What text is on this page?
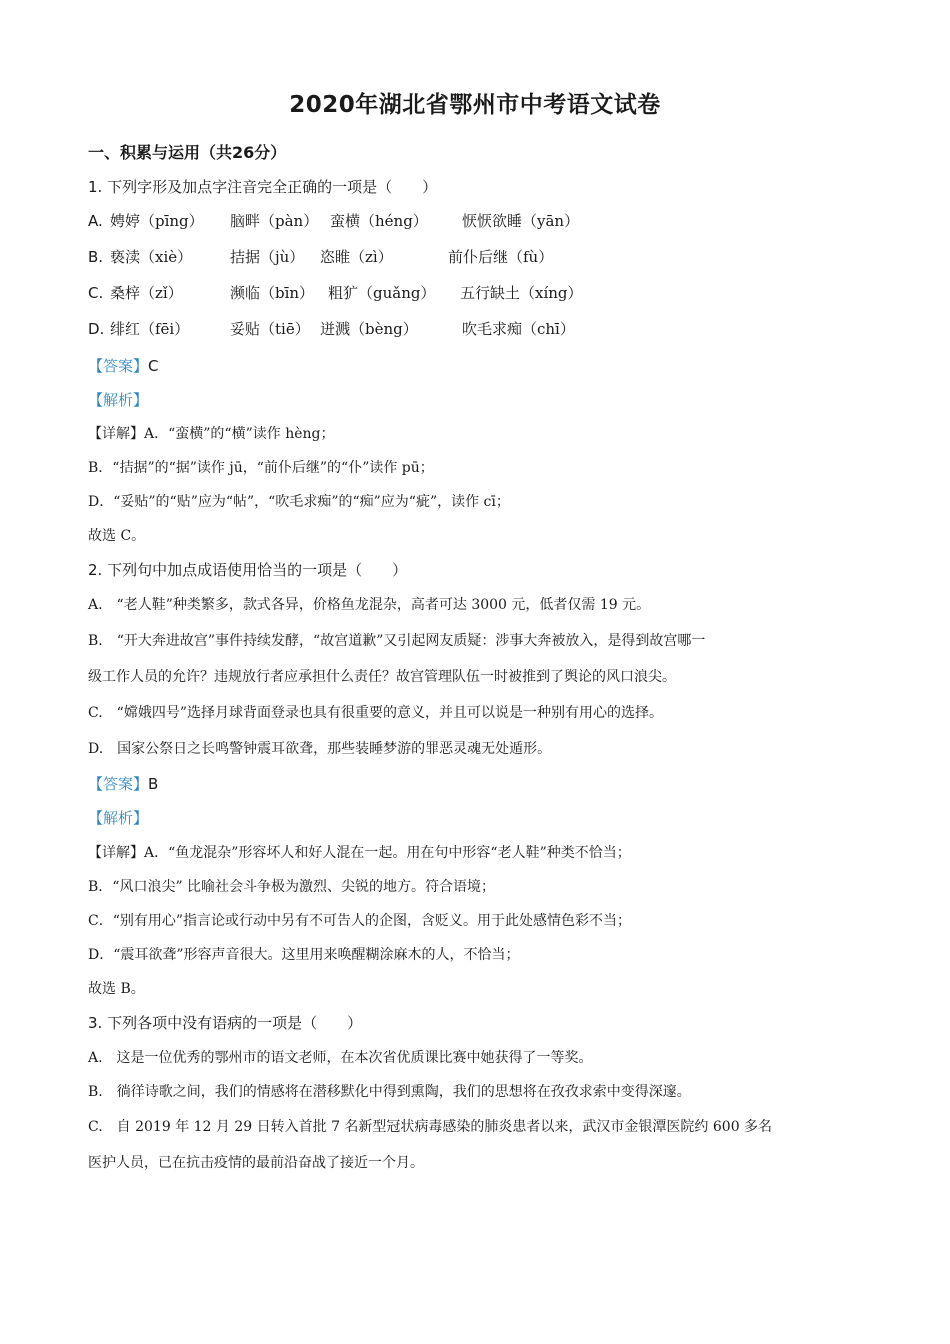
2020年湖北省鄂州市中考语文试卷
一、积累与运用（共26分）
1. 下列字形及加点字注音完全正确的一项是（　　）
A. 娉婷（pīng） 脑畔（pàn） 蛮横（héng） 恹恹欲睡（yān）
B. 亵渎（xiè）	拮据（jù） 恣睢（zì）	前仆后继（fù）
C. 桑梓（zǐ）	濒临（bīn） 粗犷（guǎng） 五行缺土（xíng）
D. 绯红（fēi）	妥贴（tiē） 迸溅（bèng）	吹毛求痴（chī）
【答案】C
【解析】
【详解】A．“蛮横”的“横”读作 hèng；
B．“拮据”的“据”读作 jū，“前仆后继”的“仆”读作 pū；
D．“妥贴”的“贴”应为“帖”，“吹毛求痴”的“痴”应为“疵”，读作 cī；
故选 C。
2. 下列句中加点成语使用恰当的一项是（　　）
A.　“老人鞋”种类繁多，款式各异，价格鱼龙混杂，高者可达 3000 元，低者仅需 19 元。
B.　“开大奔进故宫”事件持续发酵，“故宫道歉”又引起网友质疑：涉事大奔被放入，是得到故宫哪一
级工作人员的允许？违规放行者应承担什么责任？故宫管理队伍一时被推到了舆论的风口浪尖。
C.　“嫦娥四号”选择月球背面登录也具有很重要的意义，并且可以说是一种别有用心的选择。
D.　国家公祭日之长鸣警钟震耳欲聋，那些装睡梦游的罪恶灵魂无处遁形。
【答案】B
【解析】
【详解】A．“鱼龙混杂”形容坏人和好人混在一起。用在句中形容“老人鞋”种类不恰当；
B．“风口浪尖” 比喻社会斗争极为激烈、尖锐的地方。符合语境；
C．“别有用心”指言论或行动中另有不可告人的企图，含贬义。用于此处感情色彩不当；
D．“震耳欲聋”形容声音很大。这里用来唤醒糊涂麻木的人，不恰当；
故选 B。
3. 下列各项中没有语病的一项是（　　）
A.　这是一位优秀的鄂州市的语文老师，在本次省优质课比赛中她获得了一等奖。
B.　徜徉诗歌之间，我们的情感将在潜移默化中得到熏陶，我们的思想将在孜孜求索中变得深邃。
C.　自 2019 年 12 月 29 日转入首批 7 名新型冠状病毒感染的肺炎患者以来，武汉市金银潭医院约 600 多名
医护人员，已在抗击疫情的最前沿奋战了接近一个月。
